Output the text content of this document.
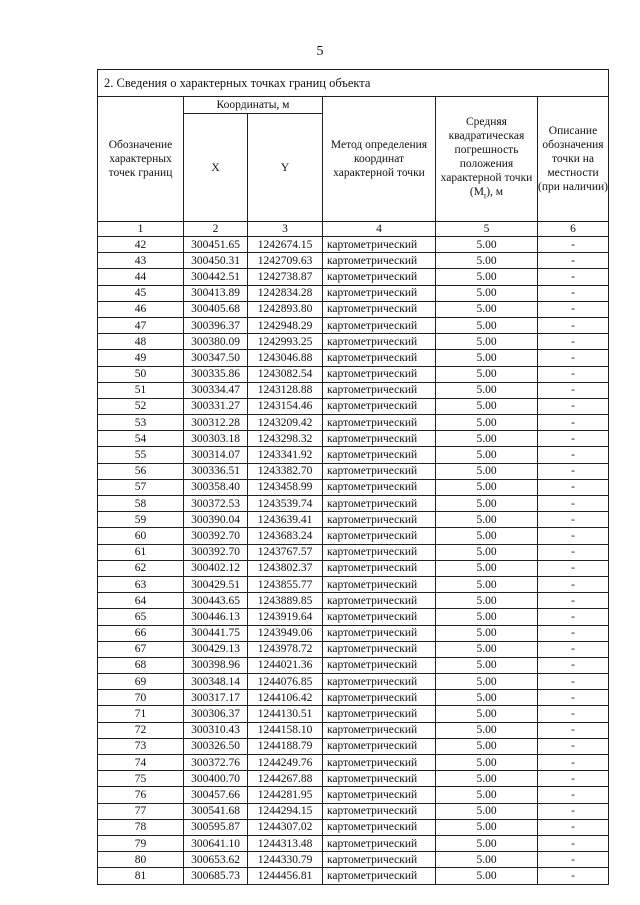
5
2. Сведения о характерных точках границ объекта					
Обозначение характерных точек границ	Координаты, м		Метод определения координат характерной точки	Средняя квадратическая погрешность положения характерной точки $(M_t)$, м	Описание обозначения точки на местности (при наличии)
	X	Y			
1	2	3	4	5	6
42	300451.65	1242674.15	картометрический	5.00	-
43	300450.31	1242709.63	картометрический	5.00	-
44	300442.51	1242738.87	картометрический	5.00	-
45	300413.89	1242834.28	картометрический	5.00	-
46	300405.68	1242893.80	картометрический	5.00	-
47	300396.37	1242948.29	картометрический	5.00	-
48	300380.09	1242993.25	картометрический	5.00	-
49	300347.50	1243046.88	картометрический	5.00	-
50	300335.86	1243082.54	картометрический	5.00	-
51	300334.47	1243128.88	картометрический	5.00	-
52	300331.27	1243154.46	картометрический	5.00	-
53	300312.28	1243209.42	картометрический	5.00	-
54	300303.18	1243298.32	картометрический	5.00	-
55	300314.07	1243341.92	картометрический	5.00	-
56	300336.51	1243382.70	картометрический	5.00	-
57	300358.40	1243458.99	картометрический	5.00	-
58	300372.53	1243539.74	картометрический	5.00	-
59	300390.04	1243639.41	картометрический	5.00	-
60	300392.70	1243683.24	картометрический	5.00	-
61	300392.70	1243767.57	картометрический	5.00	-
62	300402.12	1243802.37	картометрический	5.00	-
63	300429.51	1243855.77	картометрический	5.00	-
64	300443.65	1243889.85	картометрический	5.00	-
65	300446.13	1243919.64	картометрический	5.00	-
66	300441.75	1243949.06	картометрический	5.00	-
67	300429.13	1243978.72	картометрический	5.00	-
68	300398.96	1244021.36	картометрический	5.00	-
69	300348.14	1244076.85	картометрический	5.00	-
70	300317.17	1244106.42	картометрический	5.00	-
71	300306.37	1244130.51	картометрический	5.00	-
72	300310.43	1244158.10	картометрический	5.00	-
73	300326.50	1244188.79	картометрический	5.00	-
74	300372.76	1244249.76	картометрический	5.00	-
75	300400.70	1244267.88	картометрический	5.00	-
76	300457.66	1244281.95	картометрический	5.00	-
77	300541.68	1244294.15	картометрический	5.00	-
78	300595.87	1244307.02	картометрический	5.00	-
79	300641.10	1244313.48	картометрический	5.00	-
80	300653.62	1244330.79	картометрический	5.00	-
81	300685.73	1244456.81	картометрический	5.00	-
